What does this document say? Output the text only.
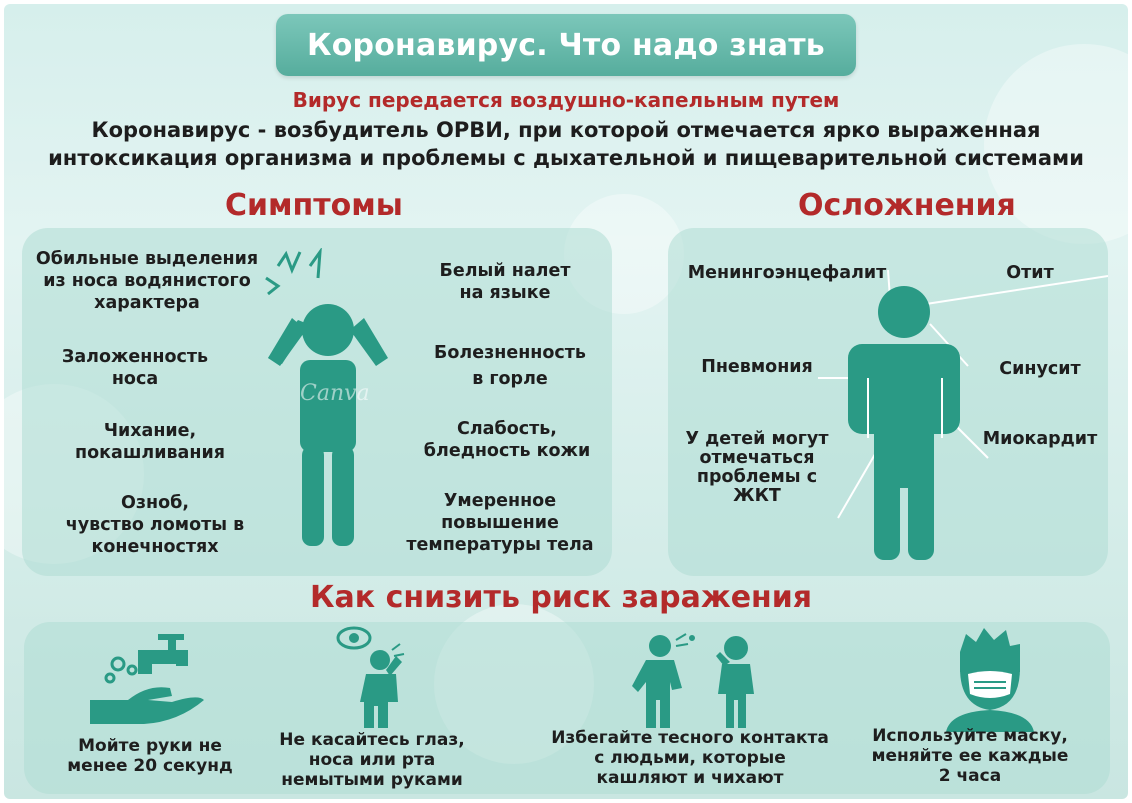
Коронавирус. Что надо знать
Вирус передается воздушно-капельным путем
Коронавирус - возбудитель ОРВИ, при которой отмечается ярко выраженная
интоксикация организма и проблемы с дыхательной и пищеварительной системами
Симптомы
Обильные выделения
из носа водянистого
характера
Заложенность
носа
Чихание,
покашливания
Озноб,
чувство ломоты в
конечностях
Белый налет
на языке
Болезненность
в горле
Слабость,
бледность кожи
Умеренное
повышение
температуры тела
Canva
Осложнения
Менингоэнцефалит	Отит
Пневмония	Синусит
Миокардит
У детей могут
отмечаться
проблемы с
ЖКТ
Как снизить риск заражения
Мойте руки не
менее 20 секунд
Не касайтесь глаз,
носа или рта
немытыми руками
Избегайте тесного контакта
с людьми, которые
кашляют и чихают
Используйте маску,
меняйте ее каждые
2 часа
